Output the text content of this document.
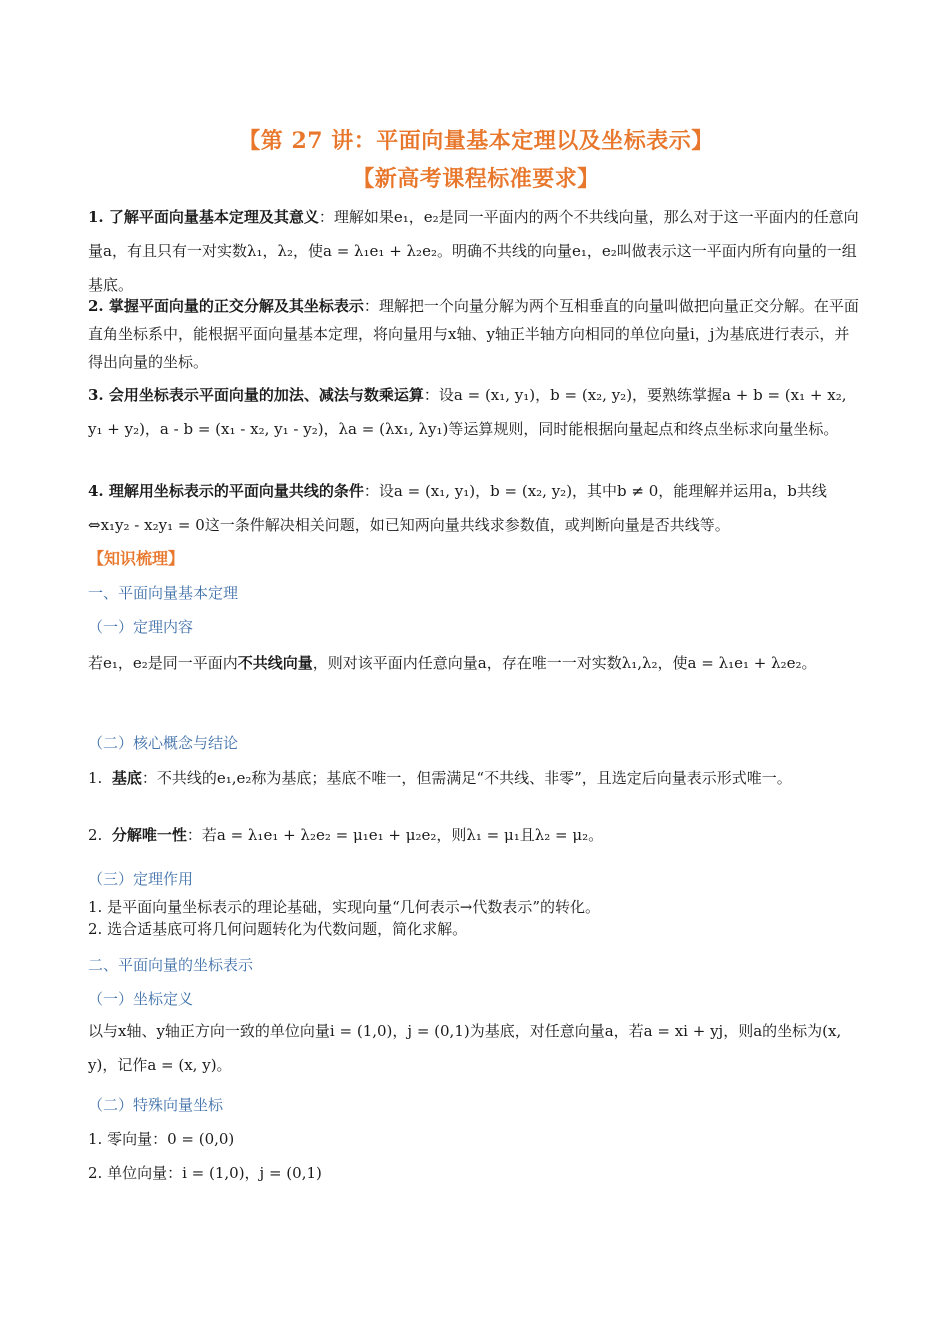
【第 27 讲：平面向量基本定理以及坐标表示】
【新高考课程标准要求】
1. 了解平面向量基本定理及其意义：理解如果e₁，e₂是同一平面内的两个不共线向量，那么对于这一平面内的任意向量a，有且只有一对实数λ₁，λ₂，使a = λ₁e₁ + λ₂e₂。明确不共线的向量e₁，e₂叫做表示这一平面内所有向量的一组基底。
2. 掌握平面向量的正交分解及其坐标表示：理解把一个向量分解为两个互相垂直的向量叫做把向量正交分解。在平面直角坐标系中，能根据平面向量基本定理，将向量用与x轴、y轴正半轴方向相同的单位向量i，j为基底进行表示，并得出向量的坐标。
3. 会用坐标表示平面向量的加法、减法与数乘运算：设a = (x₁, y₁)，b = (x₂, y₂)，要熟练掌握a + b = (x₁ + x₂, y₁ + y₂)，a - b = (x₁ - x₂, y₁ - y₂)，λa = (λx₁, λy₁)等运算规则，同时能根据向量起点和终点坐标求向量坐标。
4. 理解用坐标表示的平面向量共线的条件：设a = (x₁, y₁)，b = (x₂, y₂)，其中b ≠ 0，能理解并运用a，b共线⇔x₁y₂ - x₂y₁ = 0这一条件解决相关问题，如已知两向量共线求参数值，或判断向量是否共线等。
【知识梳理】
一、平面向量基本定理
（一）定理内容
若e₁，e₂是同一平面内不共线向量，则对该平面内任意向量a，存在唯一一对实数λ₁,λ₂，使a = λ₁e₁ + λ₂e₂。
（二）核心概念与结论
1. 基底：不共线的e₁,e₂称为基底；基底不唯一，但需满足“不共线、非零”，且选定后向量表示形式唯一。
2. 分解唯一性：若a = λ₁e₁ + λ₂e₂ = μ₁e₁ + μ₂e₂，则λ₁ = μ₁且λ₂ = μ₂。
（三）定理作用
1. 是平面向量坐标表示的理论基础，实现向量“几何表示→代数表示”的转化。
2. 选合适基底可将几何问题转化为代数问题，简化求解。
二、平面向量的坐标表示
（一）坐标定义
以与x轴、y轴正方向一致的单位向量i = (1,0)，j = (0,1)为基底，对任意向量a，若a = xi + yj，则a的坐标为(x, y)，记作a = (x, y)。
（二）特殊向量坐标
1. 零向量：0 = (0,0)
2. 单位向量：i = (1,0)，j = (0,1)
